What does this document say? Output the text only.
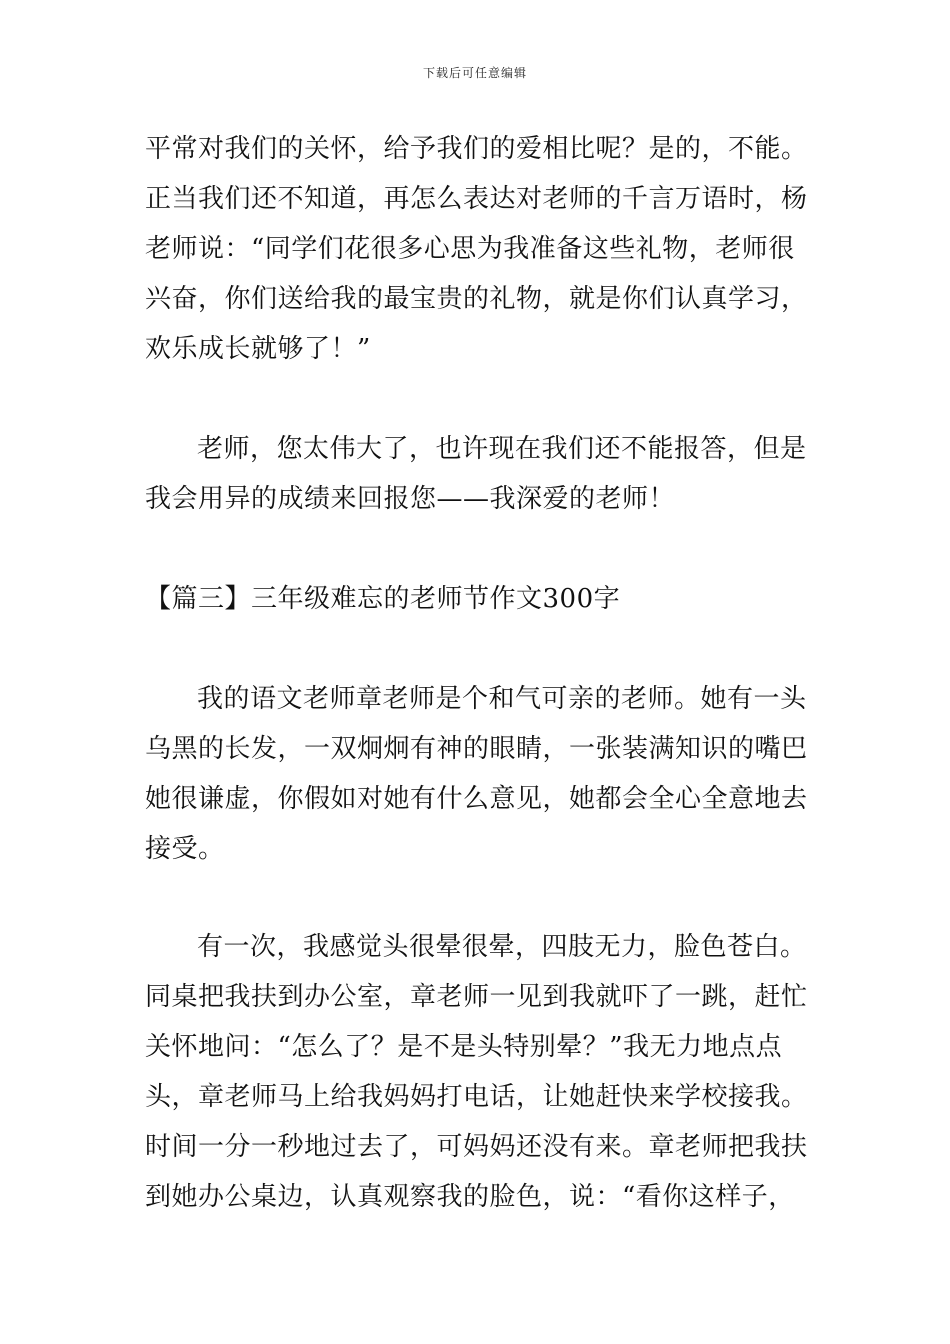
下载后可任意编辑
平常对我们的关怀，给予我们的爱相比呢？是的，不能。
正当我们还不知道，再怎么表达对老师的千言万语时，杨
老师说：“同学们花很多心思为我准备这些礼物，老师很
兴奋，你们送给我的最宝贵的礼物，就是你们认真学习，
欢乐成长就够了！”
老师，您太伟大了，也许现在我们还不能报答，但是
我会用异的成绩来回报您——我深爱的老师！
【篇三】三年级难忘的老师节作文300字
我的语文老师章老师是个和气可亲的老师。她有一头
乌黑的长发，一双炯炯有神的眼睛，一张装满知识的嘴巴
她很谦虚，你假如对她有什么意见，她都会全心全意地去
接受。
有一次，我感觉头很晕很晕，四肢无力，脸色苍白。
同桌把我扶到办公室，章老师一见到我就吓了一跳，赶忙
关怀地问：“怎么了？是不是头特别晕？”我无力地点点
头，章老师马上给我妈妈打电话，让她赶快来学校接我。
时间一分一秒地过去了，可妈妈还没有来。章老师把我扶
到她办公桌边，认真观察我的脸色，说：“看你这样子，
